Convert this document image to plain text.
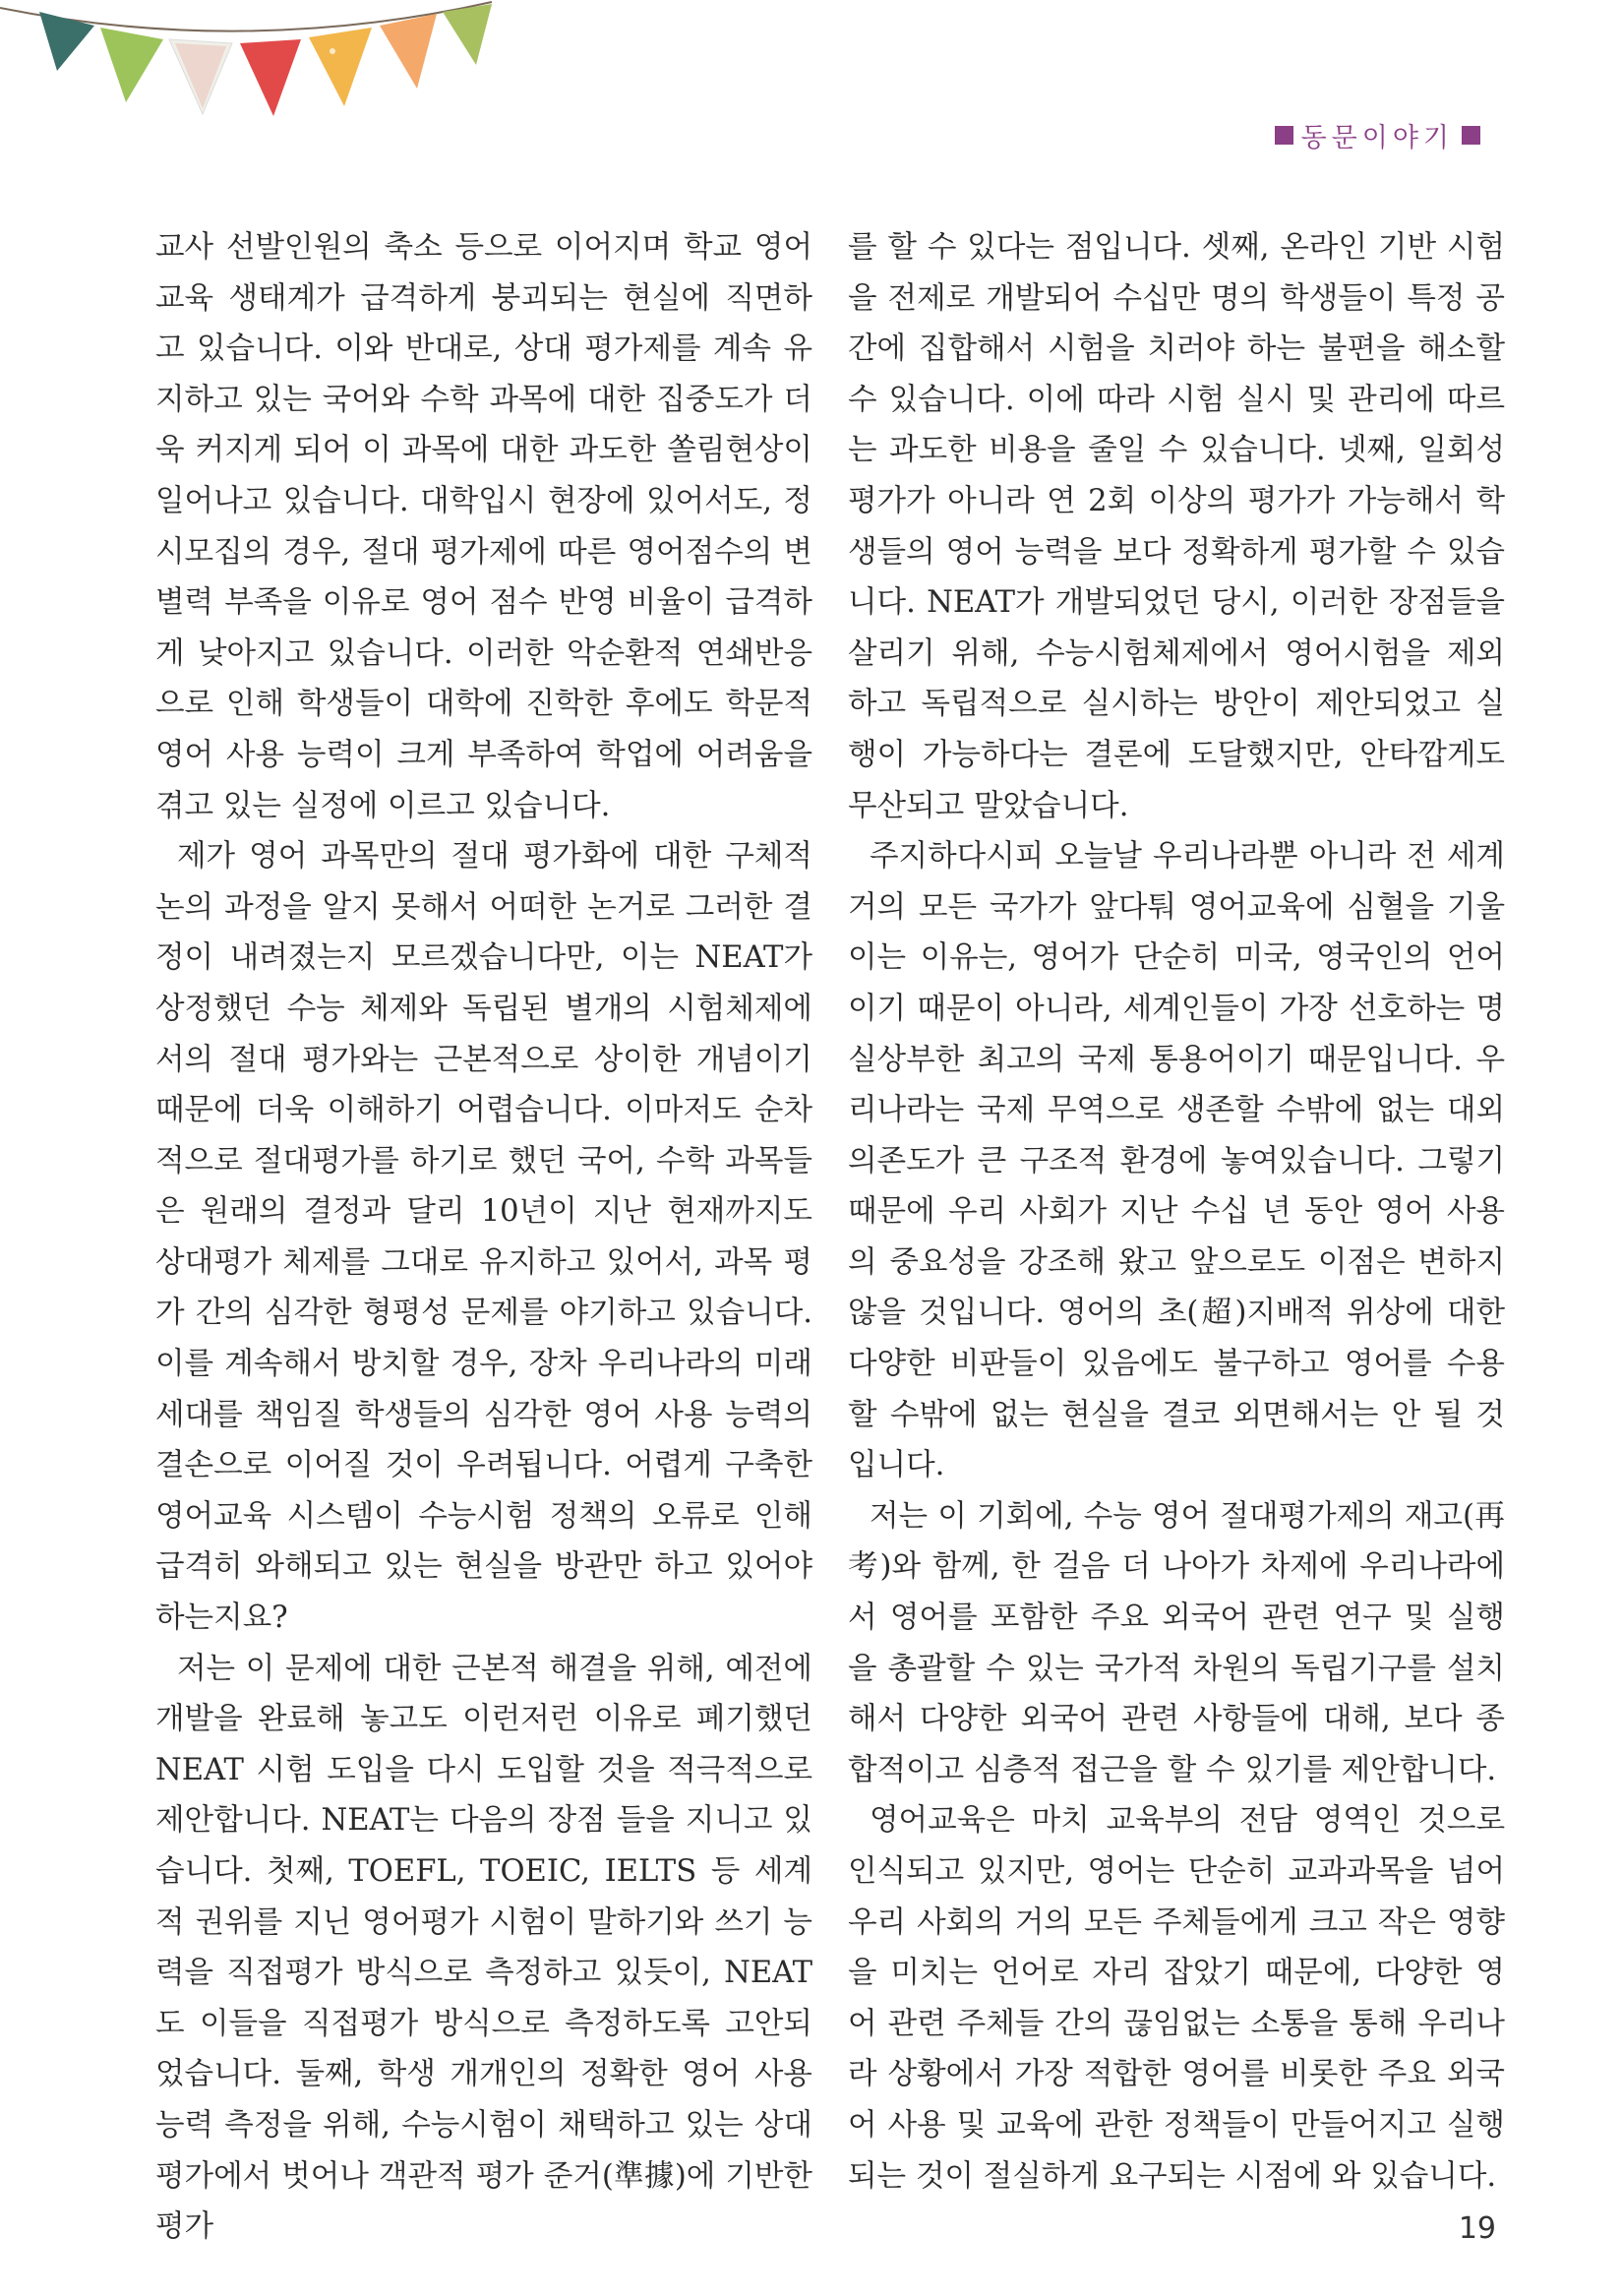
동문이야기

교사 선발인원의 축소 등으로 이어지며 학교 영어 교육 생태계가 급격하게 붕괴되는 현실에 직면하고 있습니다. 이와 반대로, 상대 평가제를 계속 유지하고 있는 국어와 수학 과목에 대한 집중도가 더욱 커지게 되어 이 과목에 대한 과도한 쏠림현상이 일어나고 있습니다. 대학입시 현장에 있어서도, 정시모집의 경우, 절대 평가제에 따른 영어점수의 변별력 부족을 이유로 영어 점수 반영 비율이 급격하게 낮아지고 있습니다. 이러한 악순환적 연쇄반응으로 인해 학생들이 대학에 진학한 후에도 학문적 영어 사용 능력이 크게 부족하여 학업에 어려움을 겪고 있는 실정에 이르고 있습니다.

제가 영어 과목만의 절대 평가화에 대한 구체적 논의 과정을 알지 못해서 어떠한 논거로 그러한 결정이 내려졌는지 모르겠습니다만, 이는 NEAT가 상정했던 수능 체제와 독립된 별개의 시험체제에서의 절대 평가와는 근본적으로 상이한 개념이기 때문에 더욱 이해하기 어렵습니다. 이마저도 순차적으로 절대평가를 하기로 했던 국어, 수학 과목들은 원래의 결정과 달리 10년이 지난 현재까지도 상대평가 체제를 그대로 유지하고 있어서, 과목 평가 간의 심각한 형평성 문제를 야기하고 있습니다. 이를 계속해서 방치할 경우, 장차 우리나라의 미래세대를 책임질 학생들의 심각한 영어 사용 능력의 결손으로 이어질 것이 우려됩니다. 어렵게 구축한 영어교육 시스템이 수능시험 정책의 오류로 인해 급격히 와해되고 있는 현실을 방관만 하고 있어야 하는지요?

저는 이 문제에 대한 근본적 해결을 위해, 예전에 개발을 완료해 놓고도 이런저런 이유로 폐기했던 NEAT 시험 도입을 다시 도입할 것을 적극적으로 제안합니다. NEAT는 다음의 장점 들을 지니고 있습니다. 첫째, TOEFL, TOEIC, IELTS 등 세계적 권위를 지닌 영어평가 시험이 말하기와 쓰기 능력을 직접평가 방식으로 측정하고 있듯이, NEAT도 이들을 직접평가 방식으로 측정하도록 고안되었습니다. 둘째, 학생 개개인의 정확한 영어 사용 능력 측정을 위해, 수능시험이 채택하고 있는 상대 평가에서 벗어나 객관적 평가 준거(準據)에 기반한 평가

를 할 수 있다는 점입니다. 셋째, 온라인 기반 시험을 전제로 개발되어 수십만 명의 학생들이 특정 공간에 집합해서 시험을 치러야 하는 불편을 해소할 수 있습니다. 이에 따라 시험 실시 및 관리에 따르는 과도한 비용을 줄일 수 있습니다. 넷째, 일회성 평가가 아니라 연 2회 이상의 평가가 가능해서 학생들의 영어 능력을 보다 정확하게 평가할 수 있습니다. NEAT가 개발되었던 당시, 이러한 장점들을 살리기 위해, 수능시험체제에서 영어시험을 제외하고 독립적으로 실시하는 방안이 제안되었고 실행이 가능하다는 결론에 도달했지만, 안타깝게도 무산되고 말았습니다.

주지하다시피 오늘날 우리나라뿐 아니라 전 세계 거의 모든 국가가 앞다퉈 영어교육에 심혈을 기울이는 이유는, 영어가 단순히 미국, 영국인의 언어이기 때문이 아니라, 세계인들이 가장 선호하는 명실상부한 최고의 국제 통용어이기 때문입니다. 우리나라는 국제 무역으로 생존할 수밖에 없는 대외 의존도가 큰 구조적 환경에 놓여있습니다. 그렇기 때문에 우리 사회가 지난 수십 년 동안 영어 사용의 중요성을 강조해 왔고 앞으로도 이점은 변하지 않을 것입니다. 영어의 초(超)지배적 위상에 대한 다양한 비판들이 있음에도 불구하고 영어를 수용할 수밖에 없는 현실을 결코 외면해서는 안 될 것입니다.

저는 이 기회에, 수능 영어 절대평가제의 재고(再考)와 함께, 한 걸음 더 나아가 차제에 우리나라에서 영어를 포함한 주요 외국어 관련 연구 및 실행을 총괄할 수 있는 국가적 차원의 독립기구를 설치해서 다양한 외국어 관련 사항들에 대해, 보다 종합적이고 심층적 접근을 할 수 있기를 제안합니다.

영어교육은 마치 교육부의 전담 영역인 것으로 인식되고 있지만, 영어는 단순히 교과과목을 넘어 우리 사회의 거의 모든 주체들에게 크고 작은 영향을 미치는 언어로 자리 잡았기 때문에, 다양한 영어 관련 주체들 간의 끊임없는 소통을 통해 우리나라 상황에서 가장 적합한 영어를 비롯한 주요 외국어 사용 및 교육에 관한 정책들이 만들어지고 실행되는 것이 절실하게 요구되는 시점에 와 있습니다.

19
